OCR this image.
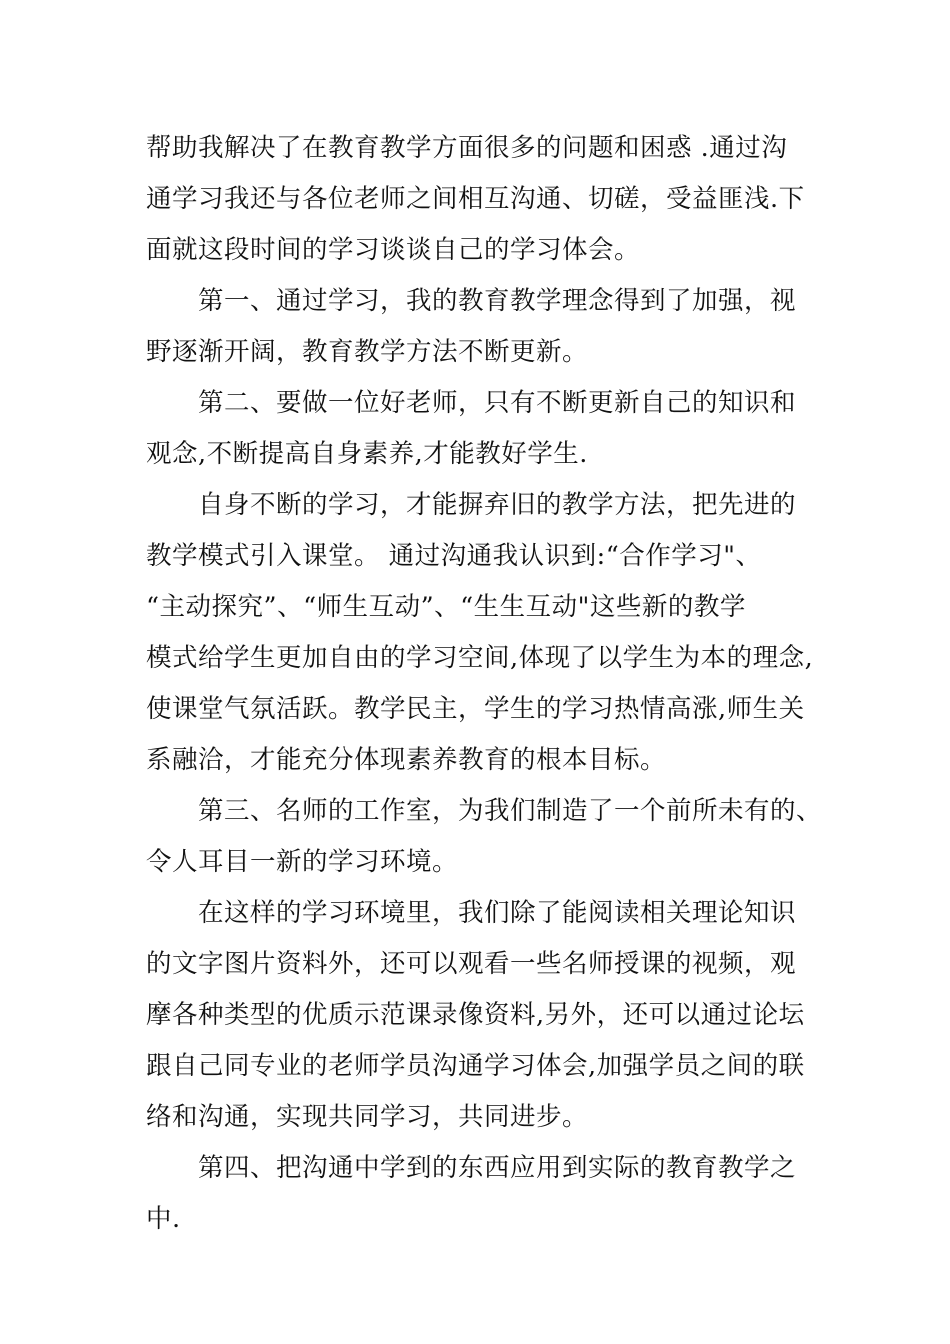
帮助我解决了在教育教学方面很多的问题和困惑 .通过沟
通学习我还与各位老师之间相互沟通、切磋，受益匪浅.下
面就这段时间的学习谈谈自己的学习体会。
第一、通过学习，我的教育教学理念得到了加强，视
野逐渐开阔，教育教学方法不断更新。
第二、要做一位好老师，只有不断更新自己的知识和
观念,不断提高自身素养,才能教好学生.
自身不断的学习，才能摒弃旧的教学方法，把先进的
教学模式引入课堂。 通过沟通我认识到:“合作学习"、
“主动探究”、“师生互动”、“生生互动"这些新的教学
模式给学生更加自由的学习空间,体现了以学生为本的理念,
使课堂气氛活跃。教学民主，学生的学习热情高涨,师生关
系融洽，才能充分体现素养教育的根本目标。
第三、名师的工作室，为我们制造了一个前所未有的、
令人耳目一新的学习环境。
在这样的学习环境里，我们除了能阅读相关理论知识
的文字图片资料外，还可以观看一些名师授课的视频，观
摩各种类型的优质示范课录像资料,另外，还可以通过论坛
跟自己同专业的老师学员沟通学习体会,加强学员之间的联
络和沟通，实现共同学习，共同进步。
第四、把沟通中学到的东西应用到实际的教育教学之
中.
